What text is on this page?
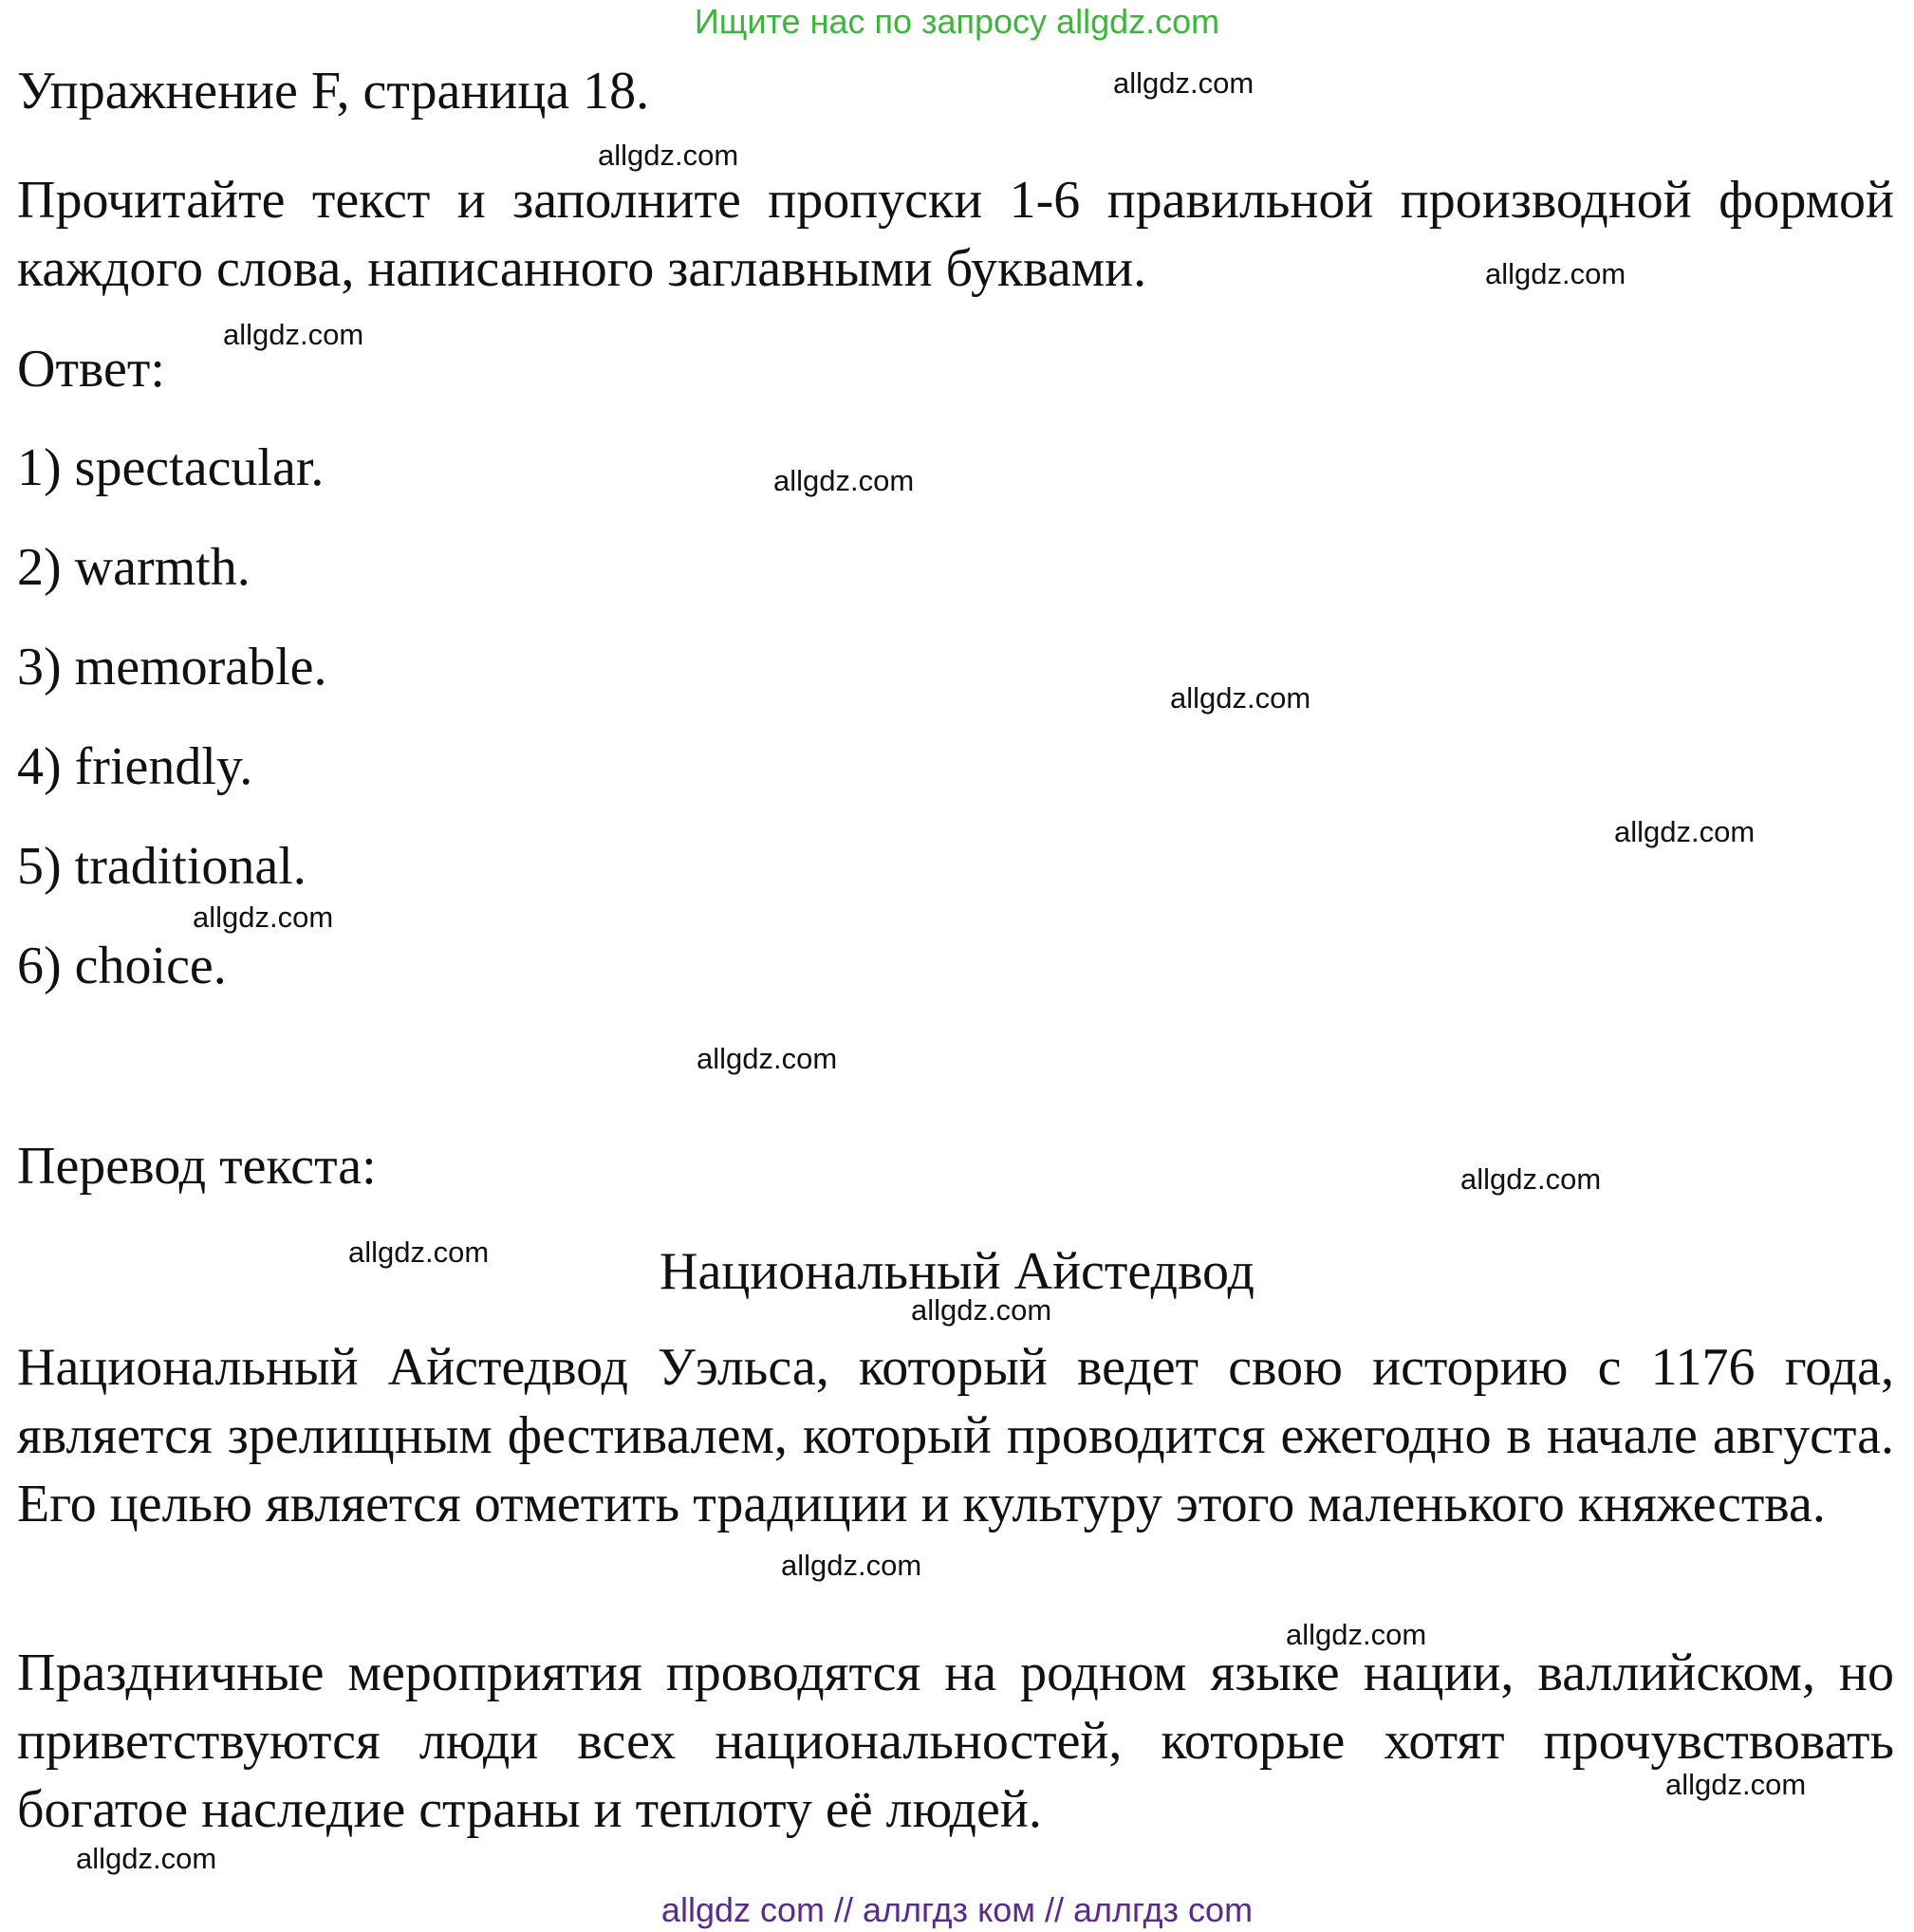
Ищите нас по запросу allgdz.com

Упражнение F, страница 18.

Прочитайте текст и заполните пропуски 1-6 правильной производной формой каждого слова, написанного заглавными буквами.

Ответ:

1) spectacular.

2) warmth.

3) memorable.

4) friendly.

5) traditional.

6) choice.

Перевод текста:

Национальный Айстедвод

Национальный Айстедвод Уэльса, который ведет свою историю с 1176 года, является зрелищным фестивалем, который проводится ежегодно в начале августа. Его целью является отметить традиции и культуру этого маленького княжества.

Праздничные мероприятия проводятся на родном языке нации, валлийском, но приветствуются люди всех национальностей, которые хотят прочувствовать богатое наследие страны и теплоту её людей.

allgdz.com
allgdz.com
allgdz.com
allgdz.com
allgdz.com
allgdz.com
allgdz.com
allgdz.com
allgdz.com
allgdz.com
allgdz.com
allgdz.com
allgdz.com
allgdz.com
allgdz.com
allgdz.com
allgdz com // аллгдз ком // аллгдз com
